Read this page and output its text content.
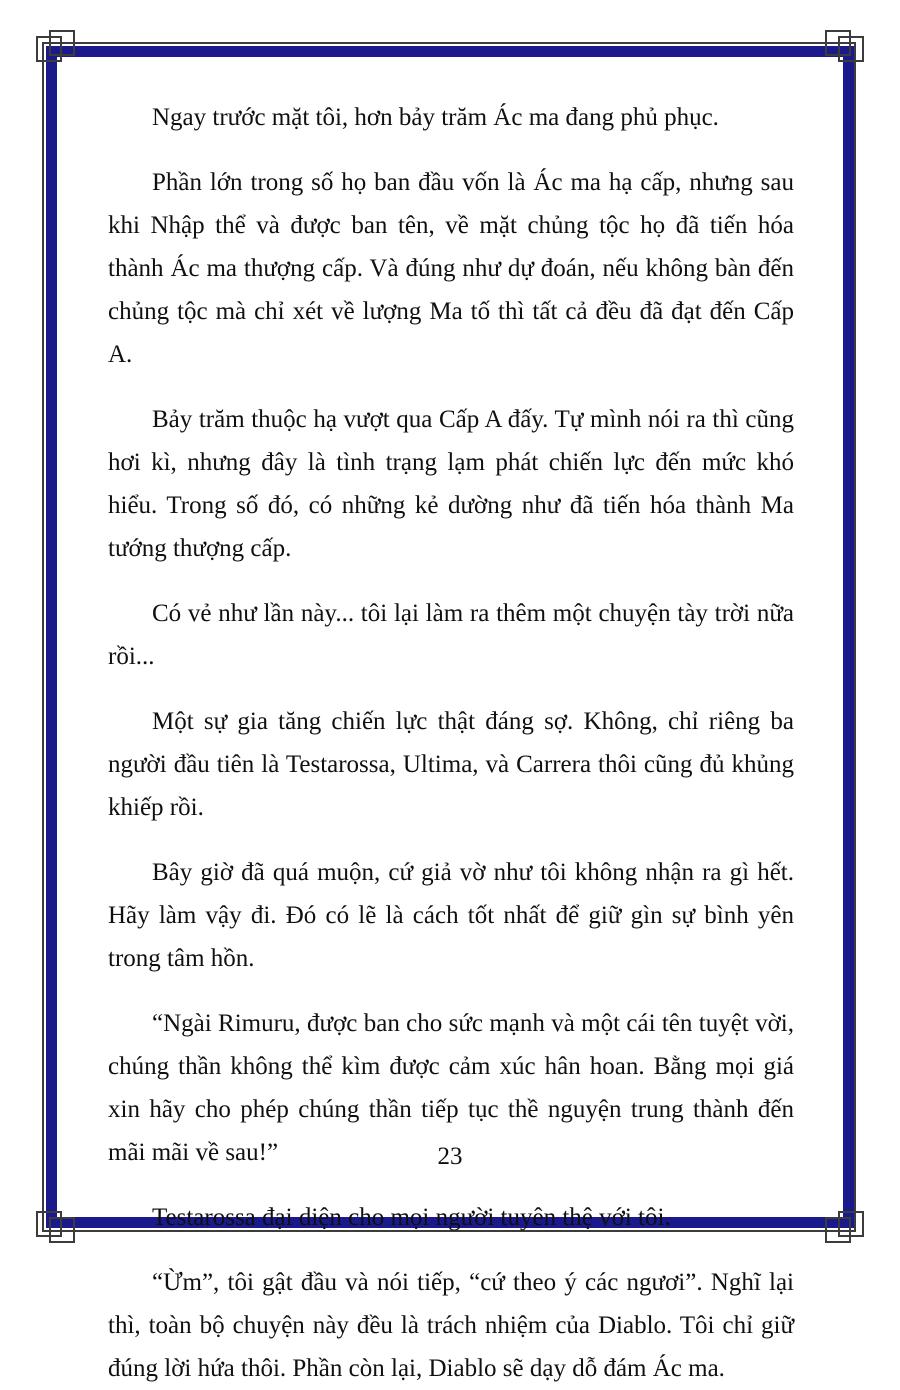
Ngay trước mặt tôi, hơn bảy trăm Ác ma đang phủ phục.

Phần lớn trong số họ ban đầu vốn là Ác ma hạ cấp, nhưng sau khi Nhập thể và được ban tên, về mặt chủng tộc họ đã tiến hóa thành Ác ma thượng cấp. Và đúng như dự đoán, nếu không bàn đến chủng tộc mà chỉ xét về lượng Ma tố thì tất cả đều đã đạt đến Cấp A.

Bảy trăm thuộc hạ vượt qua Cấp A đấy. Tự mình nói ra thì cũng hơi kì, nhưng đây là tình trạng lạm phát chiến lực đến mức khó hiểu. Trong số đó, có những kẻ dường như đã tiến hóa thành Ma tướng thượng cấp.

Có vẻ như lần này... tôi lại làm ra thêm một chuyện tày trời nữa rồi...

Một sự gia tăng chiến lực thật đáng sợ. Không, chỉ riêng ba người đầu tiên là Testarossa, Ultima, và Carrera thôi cũng đủ khủng khiếp rồi.

Bây giờ đã quá muộn, cứ giả vờ như tôi không nhận ra gì hết. Hãy làm vậy đi. Đó có lẽ là cách tốt nhất để giữ gìn sự bình yên trong tâm hồn.

“Ngài Rimuru, được ban cho sức mạnh và một cái tên tuyệt vời, chúng thần không thể kìm được cảm xúc hân hoan. Bằng mọi giá xin hãy cho phép chúng thần tiếp tục thề nguyện trung thành đến mãi mãi về sau!”

Testarossa đại diện cho mọi người tuyên thệ với tôi.

“Ừm”, tôi gật đầu và nói tiếp, “cứ theo ý các ngươi”. Nghĩ lại thì, toàn bộ chuyện này đều là trách nhiệm của Diablo. Tôi chỉ giữ đúng lời hứa thôi. Phần còn lại, Diablo sẽ dạy dỗ đám Ác ma.

23
